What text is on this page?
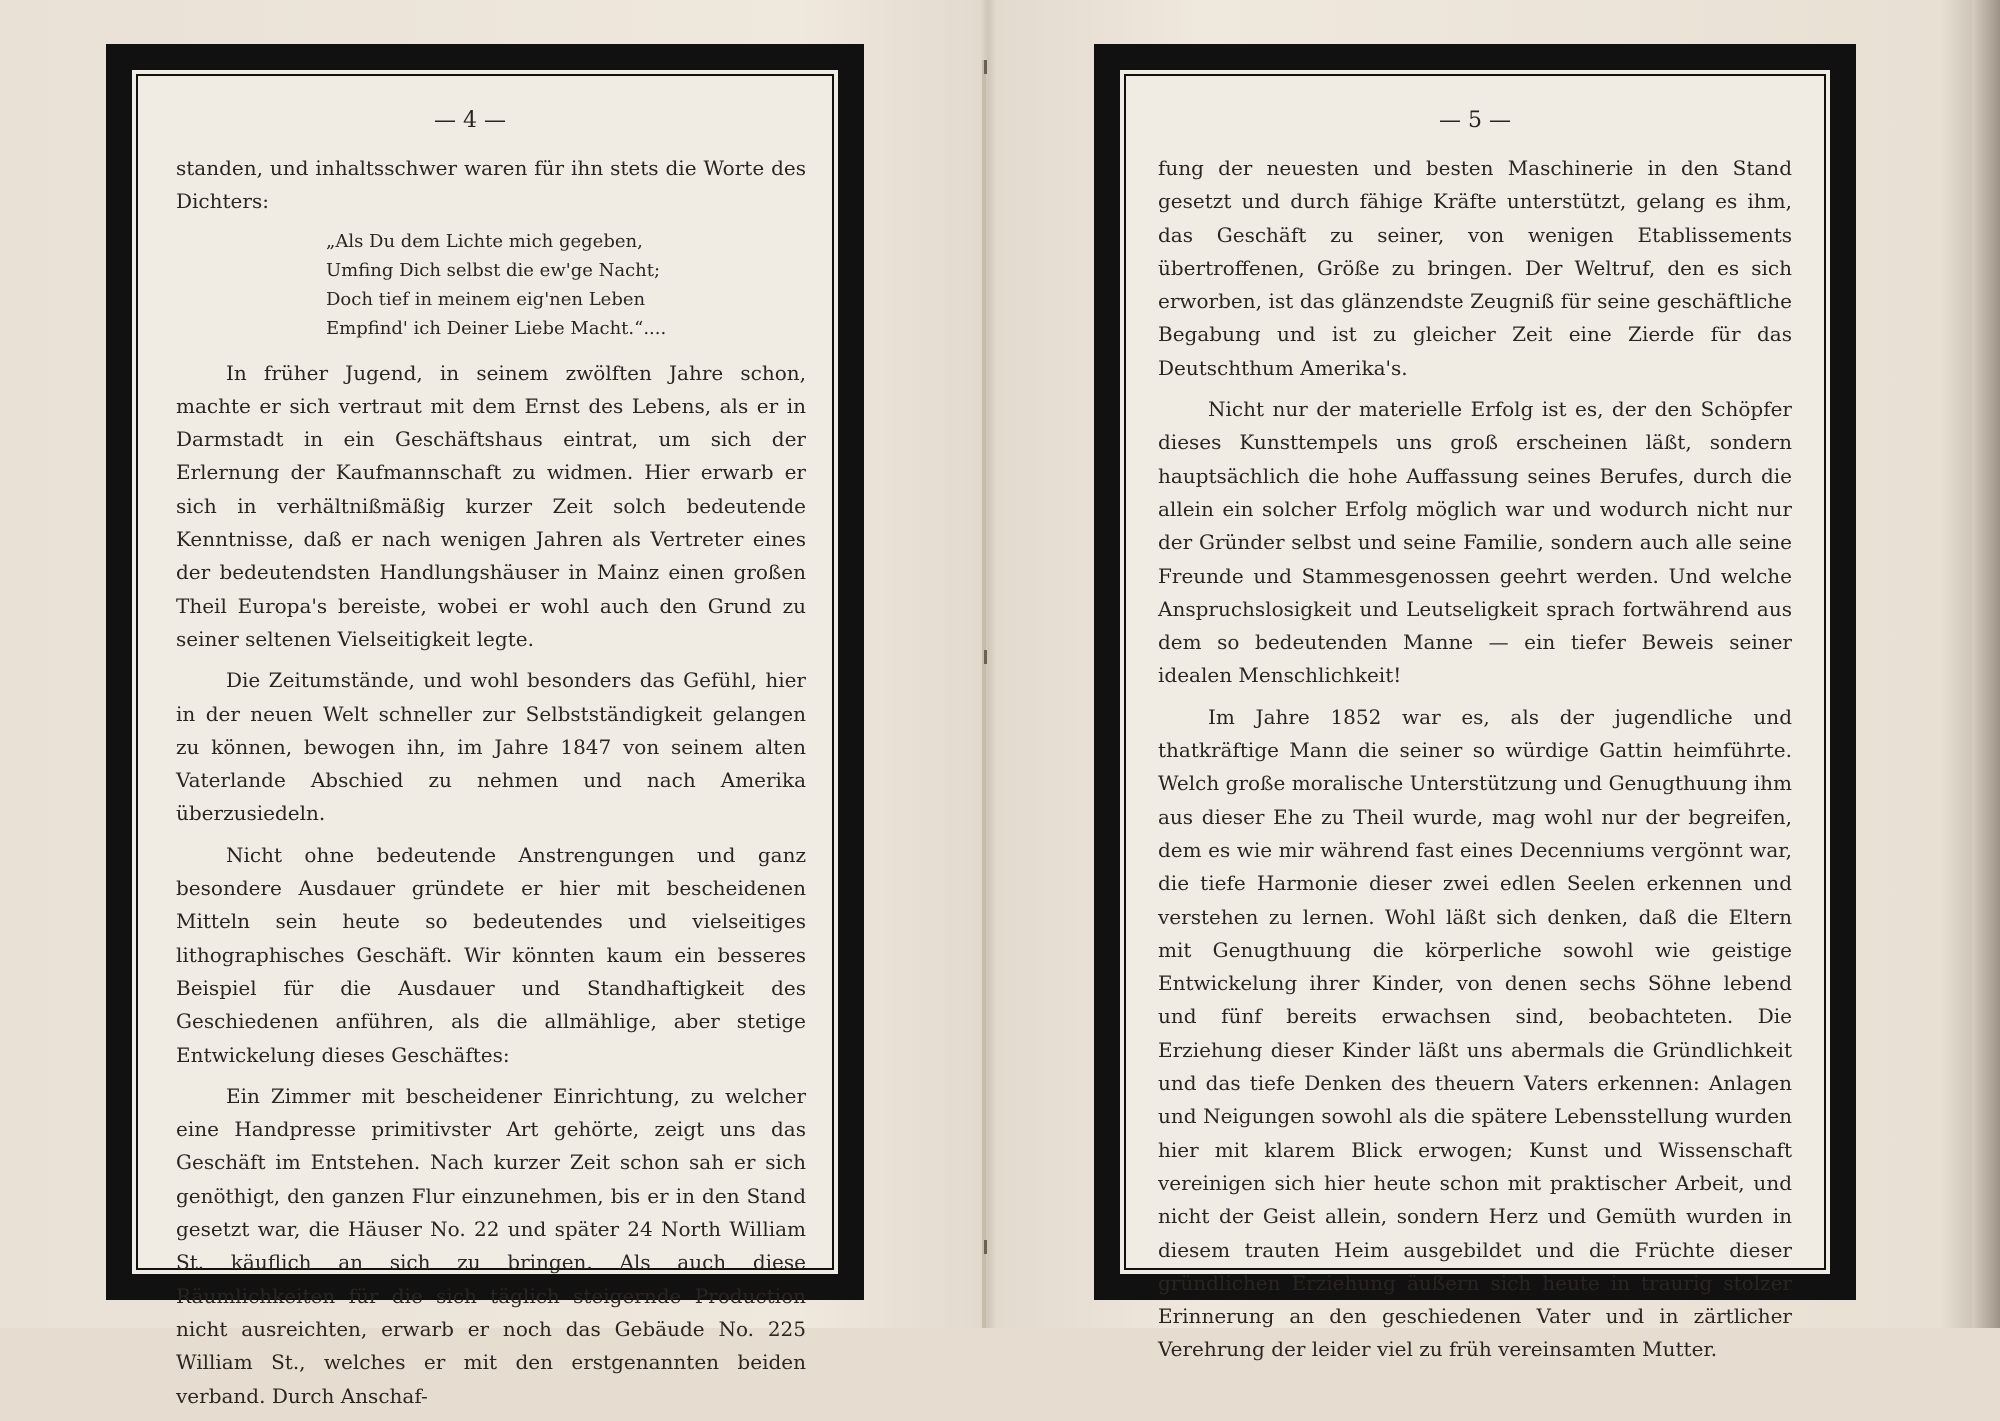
— 4 —

standen, und inhaltsschwer waren für ihn stets die Worte des Dichters:

„Als Du dem Lichte mich gegeben,
Umfing Dich selbst die ew'ge Nacht;
Doch tief in meinem eig'nen Leben
Empfind' ich Deiner Liebe Macht.“....

In früher Jugend, in seinem zwölften Jahre schon, machte er sich vertraut mit dem Ernst des Lebens, als er in Darmstadt in ein Geschäftshaus eintrat, um sich der Erlernung der Kaufmannschaft zu widmen. Hier erwarb er sich in verhältnißmäßig kurzer Zeit solch bedeutende Kenntnisse, daß er nach wenigen Jahren als Vertreter eines der bedeutendsten Handlungshäuser in Mainz einen großen Theil Europa's bereiste, wobei er wohl auch den Grund zu seiner seltenen Vielseitigkeit legte.

Die Zeitumstände, und wohl besonders das Gefühl, hier in der neuen Welt schneller zur Selbstständigkeit gelangen zu können, bewogen ihn, im Jahre 1847 von seinem alten Vaterlande Abschied zu nehmen und nach Amerika überzusiedeln.

Nicht ohne bedeutende Anstrengungen und ganz besondere Ausdauer gründete er hier mit bescheidenen Mitteln sein heute so bedeutendes und vielseitiges lithographisches Geschäft. Wir könnten kaum ein besseres Beispiel für die Ausdauer und Standhaftigkeit des Geschiedenen anführen, als die allmählige, aber stetige Entwickelung dieses Geschäftes:

Ein Zimmer mit bescheidener Einrichtung, zu welcher eine Handpresse primitivster Art gehörte, zeigt uns das Geschäft im Entstehen. Nach kurzer Zeit schon sah er sich genöthigt, den ganzen Flur einzunehmen, bis er in den Stand gesetzt war, die Häuser No. 22 und später 24 North William St. käuflich an sich zu bringen. Als auch diese Räumlichkeiten für die sich täglich steigernde Production nicht ausreichten, erwarb er noch das Gebäude No. 225 William St., welches er mit den erstgenannten beiden verband. Durch Anschaf-

— 5 —

fung der neuesten und besten Maschinerie in den Stand gesetzt und durch fähige Kräfte unterstützt, gelang es ihm, das Geschäft zu seiner, von wenigen Etablissements übertroffenen, Größe zu bringen. Der Weltruf, den es sich erworben, ist das glänzendste Zeugniß für seine geschäftliche Begabung und ist zu gleicher Zeit eine Zierde für das Deutschthum Amerika's.

Nicht nur der materielle Erfolg ist es, der den Schöpfer dieses Kunsttempels uns groß erscheinen läßt, sondern hauptsächlich die hohe Auffassung seines Berufes, durch die allein ein solcher Erfolg möglich war und wodurch nicht nur der Gründer selbst und seine Familie, sondern auch alle seine Freunde und Stammesgenossen geehrt werden. Und welche Anspruchslosigkeit und Leutseligkeit sprach fortwährend aus dem so bedeutenden Manne — ein tiefer Beweis seiner idealen Menschlichkeit!

Im Jahre 1852 war es, als der jugendliche und thatkräftige Mann die seiner so würdige Gattin heimführte. Welch große moralische Unterstützung und Genugthuung ihm aus dieser Ehe zu Theil wurde, mag wohl nur der begreifen, dem es wie mir während fast eines Decenniums vergönnt war, die tiefe Harmonie dieser zwei edlen Seelen erkennen und verstehen zu lernen. Wohl läßt sich denken, daß die Eltern mit Genugthuung die körperliche sowohl wie geistige Entwickelung ihrer Kinder, von denen sechs Söhne lebend und fünf bereits erwachsen sind, beobachteten. Die Erziehung dieser Kinder läßt uns abermals die Gründlichkeit und das tiefe Denken des theuern Vaters erkennen: Anlagen und Neigungen sowohl als die spätere Lebensstellung wurden hier mit klarem Blick erwogen; Kunst und Wissenschaft vereinigen sich hier heute schon mit praktischer Arbeit, und nicht der Geist allein, sondern Herz und Gemüth wurden in diesem trauten Heim ausgebildet und die Früchte dieser gründlichen Erziehung äußern sich heute in traurig stolzer Erinnerung an den geschiedenen Vater und in zärtlicher Verehrung der leider viel zu früh vereinsamten Mutter.
